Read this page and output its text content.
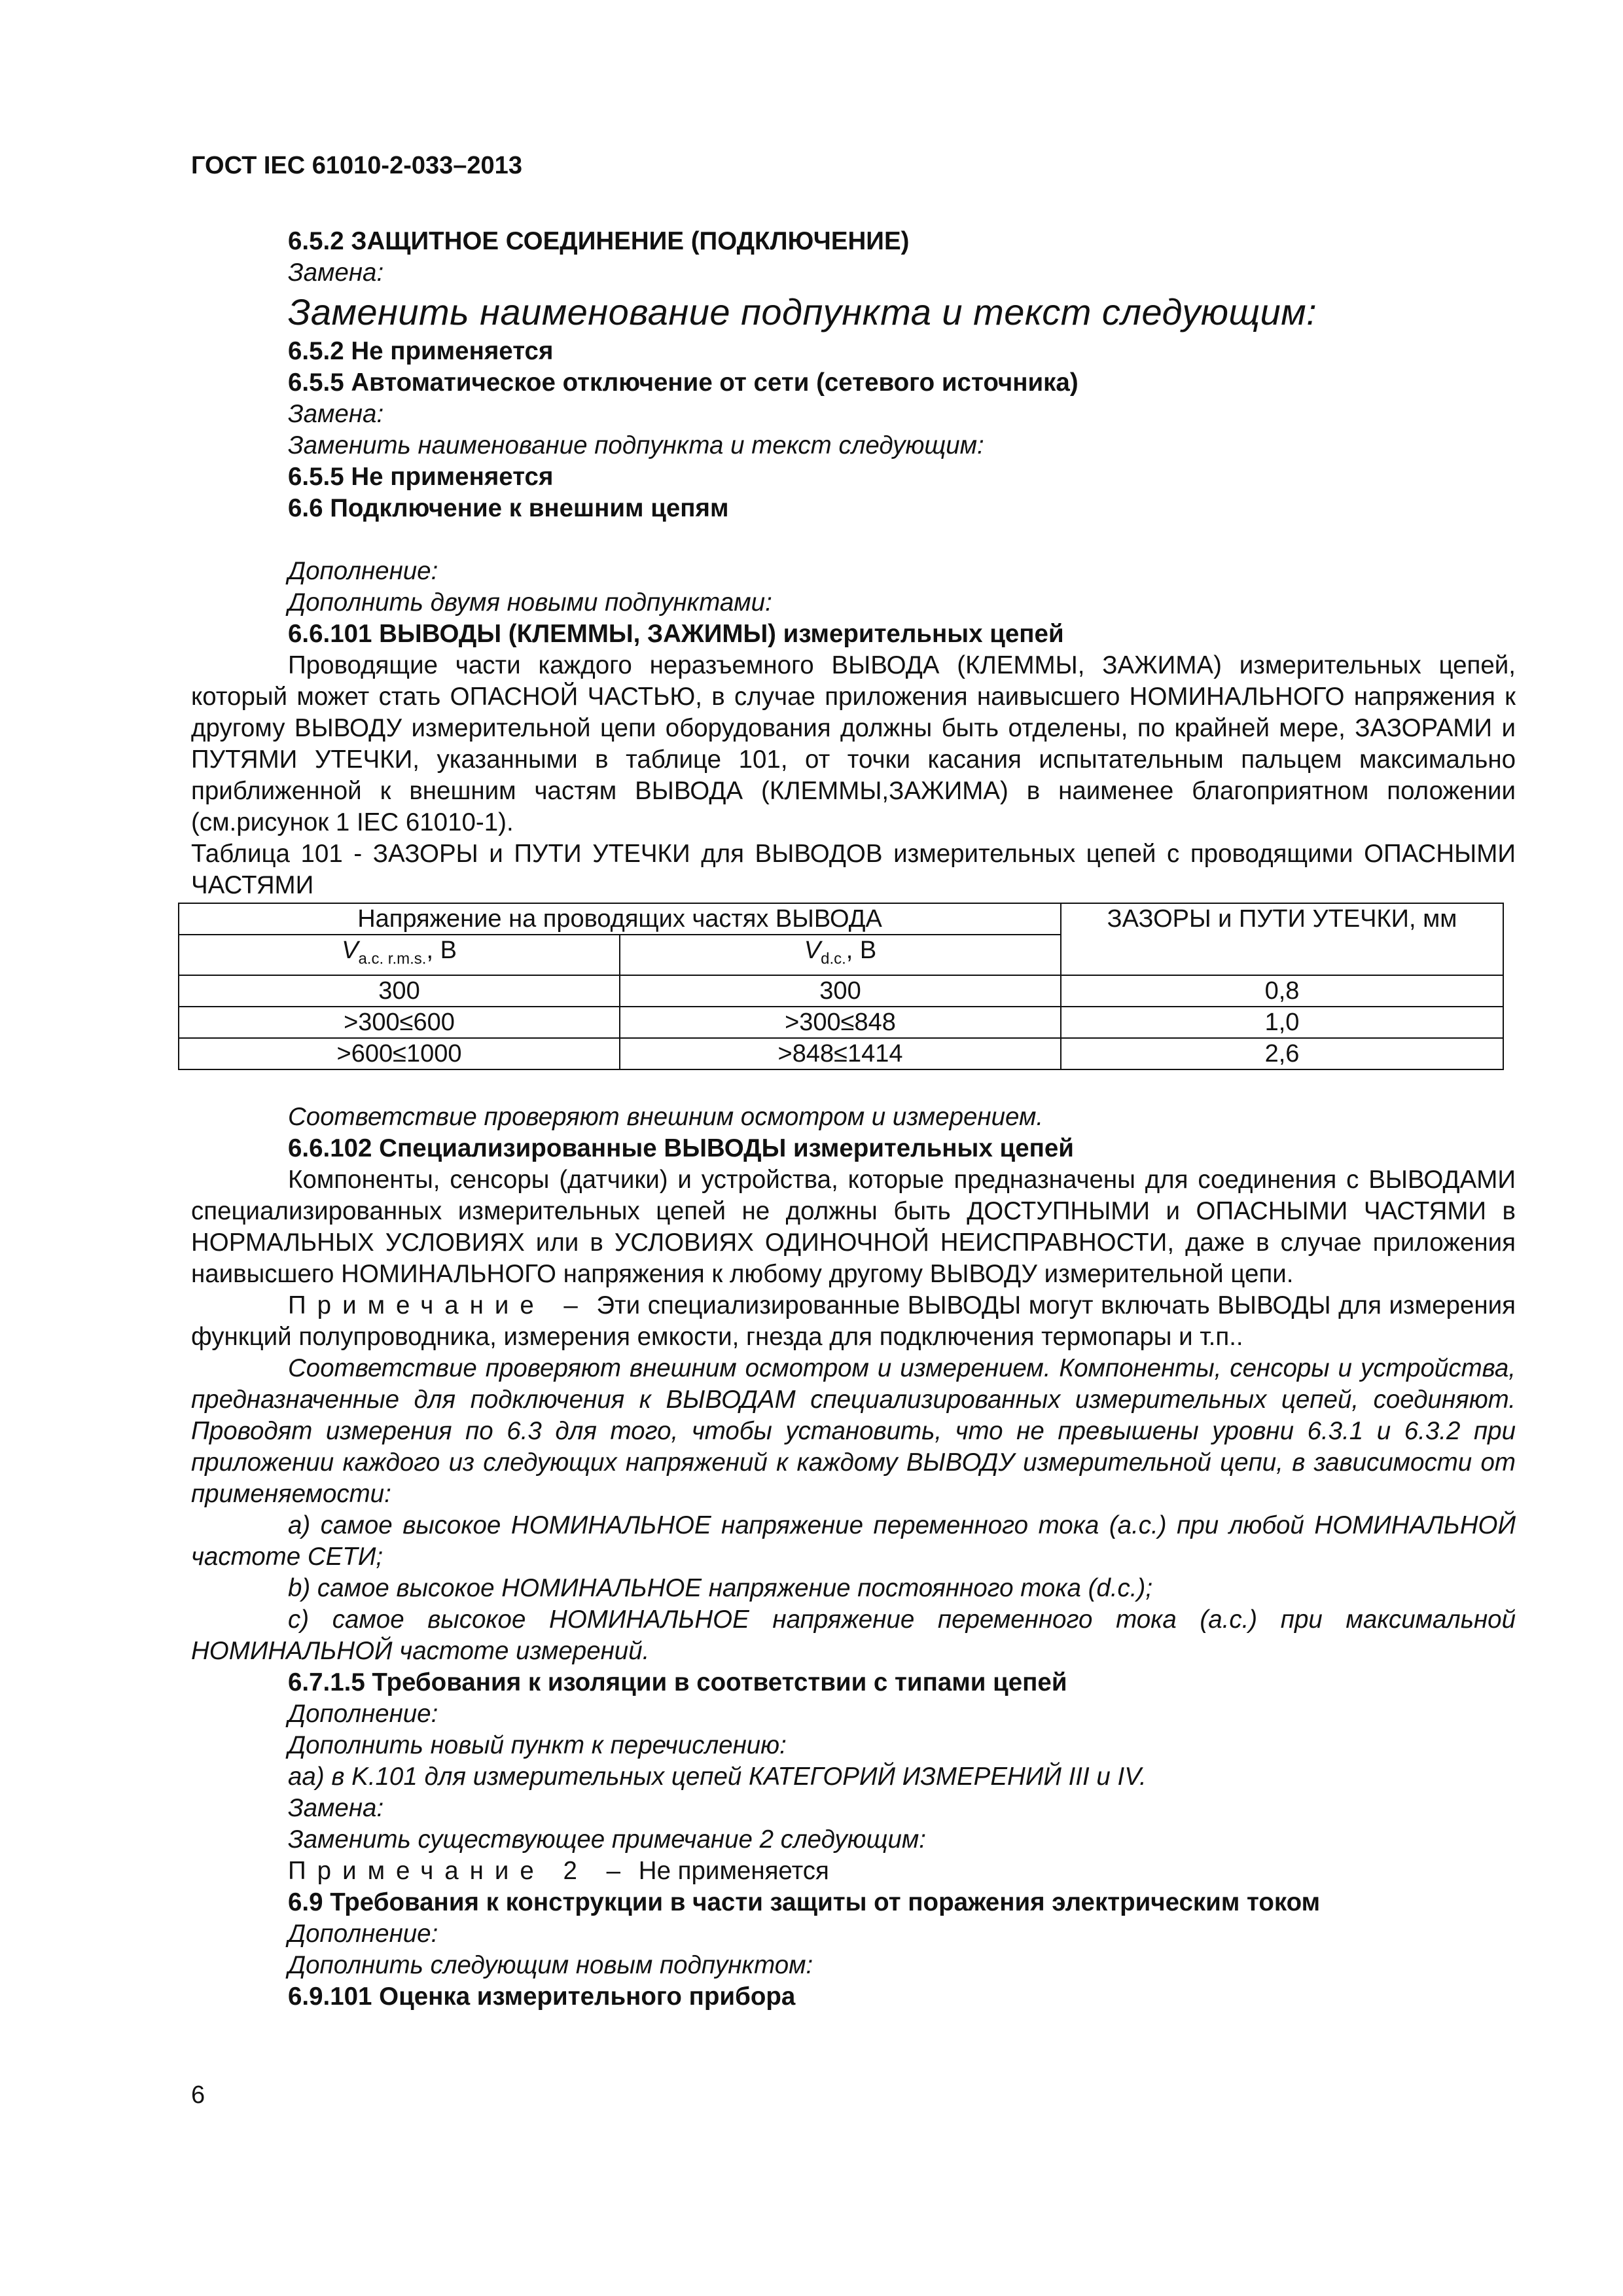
ГОСТ IEC 61010-2-033–2013
6.5.2 ЗАЩИТНОЕ СОЕДИНЕНИЕ (ПОДКЛЮЧЕНИЕ)
Замена:
Заменить наименование подпункта и текст следующим:
6.5.2 Не применяется
6.5.5 Автоматическое отключение от сети (сетевого источника)
Замена:
Заменить наименование подпункта и текст следующим:
6.5.5 Не применяется
6.6 Подключение к внешним цепям
Дополнение:
Дополнить двумя новыми подпунктами:
6.6.101 ВЫВОДЫ (КЛЕММЫ, ЗАЖИМЫ) измерительных цепей
Проводящие части каждого неразъемного ВЫВОДА (КЛЕММЫ, ЗАЖИМА) измерительных цепей, который может стать ОПАСНОЙ ЧАСТЬЮ, в случае приложения наивысшего НОМИНАЛЬНОГО напряжения к другому ВЫВОДУ измерительной цепи оборудования должны быть отделены, по крайней мере, ЗАЗОРАМИ и ПУТЯМИ УТЕЧКИ, указанными в таблице 101, от точки касания испытательным пальцем максимально приближенной к внешним частям ВЫВОДА (КЛЕММЫ,ЗАЖИМА) в наименее благоприятном положении (см.рисунок 1 IEC 61010-1).
Таблица 101 - ЗАЗОРЫ и ПУТИ УТЕЧКИ для ВЫВОДОВ измерительных цепей с проводящими ОПАСНЫМИ ЧАСТЯМИ
Напряжение на проводящих частях ВЫВОДА		ЗАЗОРЫ и ПУТИ УТЕЧКИ, мм
$V_{a.c. r.m.s.}$, В	$V_{d.c.}$, В	
300	300	0,8
>300≤600	>300≤848	1,0
>600≤1000	>848≤1414	2,6
Соответствие проверяют внешним осмотром и измерением.
6.6.102 Специализированные ВЫВОДЫ измерительных цепей
Компоненты, сенсоры (датчики) и устройства, которые предназначены для соединения с ВЫВОДАМИ специализированных измерительных цепей не должны быть ДОСТУПНЫМИ и ОПАСНЫМИ ЧАСТЯМИ в НОРМАЛЬНЫХ УСЛОВИЯХ или в УСЛОВИЯХ ОДИНОЧНОЙ НЕИСПРАВНОСТИ, даже в случае приложения наивысшего НОМИНАЛЬНОГО напряжения к любому другому ВЫВОДУ измерительной цепи.
Примечание – Эти специализированные ВЫВОДЫ могут включать ВЫВОДЫ для измерения функций полупроводника, измерения емкости, гнезда для подключения термопары и т.п..
Соответствие проверяют внешним осмотром и измерением. Компоненты, сенсоры и устройства, предназначенные для подключения к ВЫВОДАМ специализированных измерительных цепей, соединяют. Проводят измерения по 6.3 для того, чтобы установить, что не превышены уровни 6.3.1 и 6.3.2 при приложении каждого из следующих напряжений к каждому ВЫВОДУ измерительной цепи, в зависимости от применяемости:
a) самое высокое НОМИНАЛЬНОЕ напряжение переменного тока (a.c.) при любой НОМИНАЛЬНОЙ частоте СЕТИ;
b) самое высокое НОМИНАЛЬНОЕ напряжение постоянного тока (d.c.);
c) самое высокое НОМИНАЛЬНОЕ напряжение переменного тока (a.c.) при максимальной НОМИНАЛЬНОЙ частоте измерений.
6.7.1.5 Требования к изоляции в соответствии с типами цепей
Дополнение:
Дополнить новый пункт к перечислению:
aa) в K.101 для измерительных цепей КАТЕГОРИЙ ИЗМЕРЕНИЙ III и IV.
Замена:
Заменить существующее примечание 2 следующим:
Примечание 2 – Не применяется
6.9 Требования к конструкции в части защиты от поражения электрическим током
Дополнение:
Дополнить следующим новым подпунктом:
6.9.101 Оценка измерительного прибора
6
